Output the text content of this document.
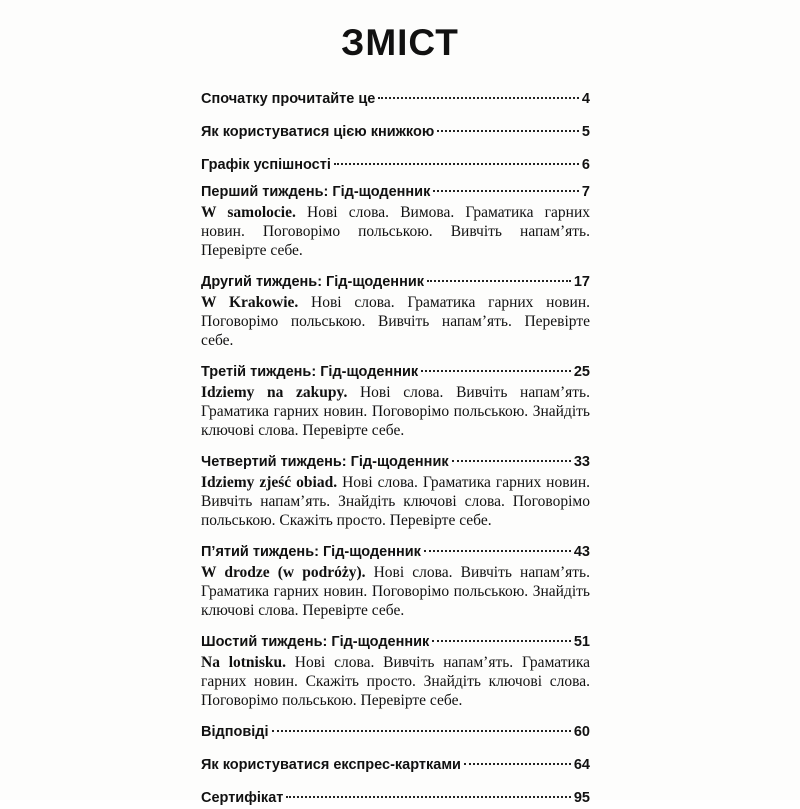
ЗМІСТ
Спочатку прочитайте це	4
Як користуватися цією книжкою	5
Графік успішності	6
Перший тиждень: Гід-щоденник	7
W samolocie. Нові слова. Вимова. Граматика гарних новин. Поговорімо польською. Вивчіть напам’ять. Перевірте себе.
Другий тиждень: Гід-щоденник	17
W Krakowie. Нові слова. Граматика гарних новин. Поговорімо польською. Вивчіть напам’ять. Перевірте себе.
Третій тиждень: Гід-щоденник	25
Idziemy na zakupy. Нові слова. Вивчіть напам’ять. Граматика гарних новин. Поговорімо польською. Знайдіть ключові слова. Перевірте себе.
Четвертий тиждень: Гід-щоденник	33
Idziemy zjeść obiad. Нові слова. Граматика гарних новин. Вивчіть напам’ять. Знайдіть ключові слова. Поговорімо польською. Скажіть просто. Перевірте себе.
П’ятий тиждень: Гід-щоденник	43
W drodze (w podróży). Нові слова. Вивчіть напам’ять. Граматика гарних новин. Поговорімо польською. Знайдіть ключові слова. Перевірте себе.
Шостий тиждень: Гід-щоденник	51
Na lotnisku. Нові слова. Вивчіть напам’ять. Граматика гарних новин. Скажіть просто. Знайдіть ключові слова. Поговорімо польською. Перевірте себе.
Відповіді	60
Як користуватися експрес-картками	64
Сертифікат	95
